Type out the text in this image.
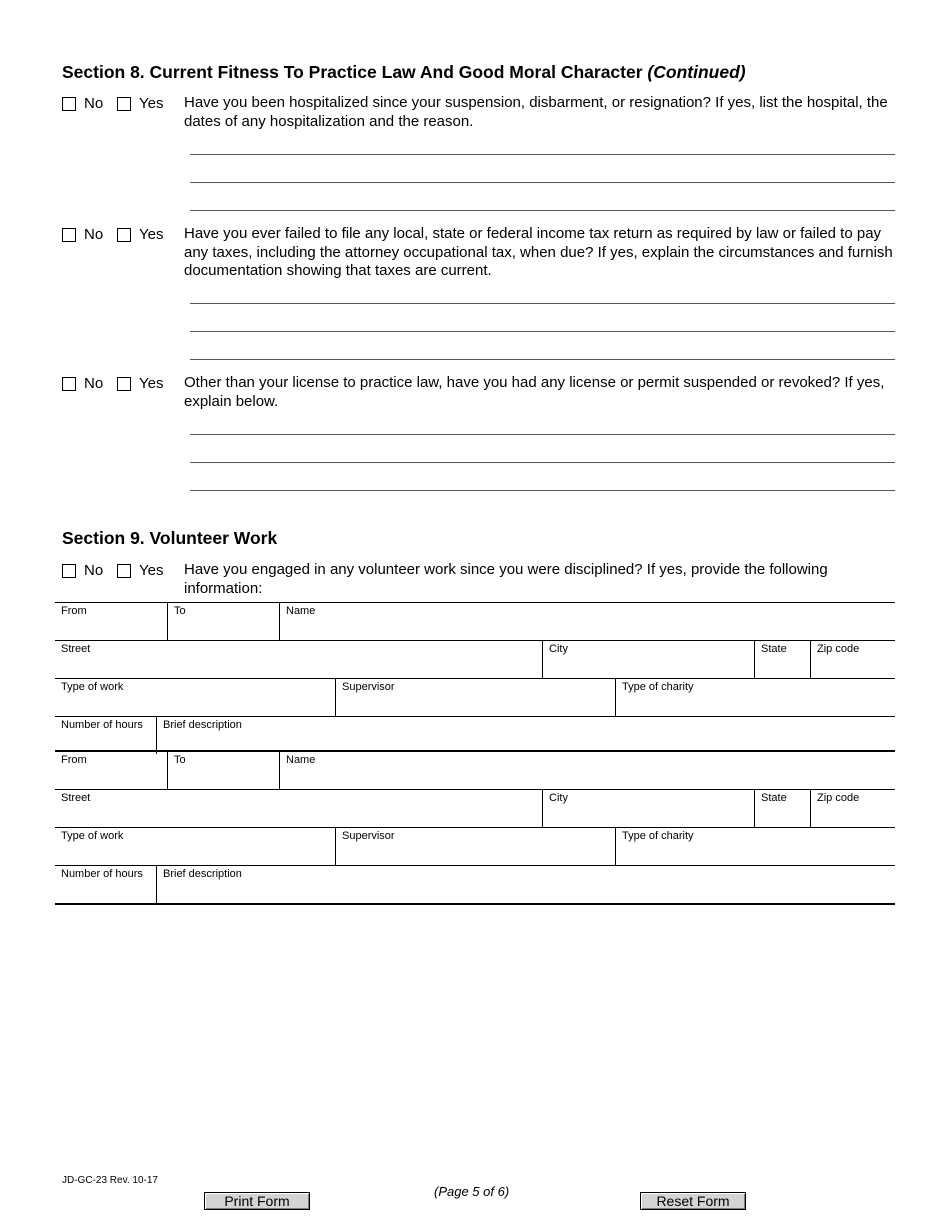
Section 8. Current Fitness To Practice Law And Good Moral Character (Continued)
No Yes Have you been hospitalized since your suspension, disbarment, or resignation? If yes, list the hospital, the dates of any hospitalization and the reason.
No Yes Have you ever failed to file any local, state or federal income tax return as required by law or failed to pay any taxes, including the attorney occupational tax, when due? If yes, explain the circumstances and furnish documentation showing that taxes are current.
No Yes Other than your license to practice law, have you had any license or permit suspended or revoked? If yes, explain below.
Section 9. Volunteer Work
No Yes Have you engaged in any volunteer work since you were disciplined? If yes, provide the following information:
From	To	Name
Street	City	State	Zip code
Type of work	Supervisor	Type of charity
Number of hours Brief description
From	To	Name
Street	City	State	Zip code
Type of work	Supervisor	Type of charity
Number of hours Brief description
JD-GC-23 Rev. 10-17
(Page 5 of 6)
Print Form	Reset Form
